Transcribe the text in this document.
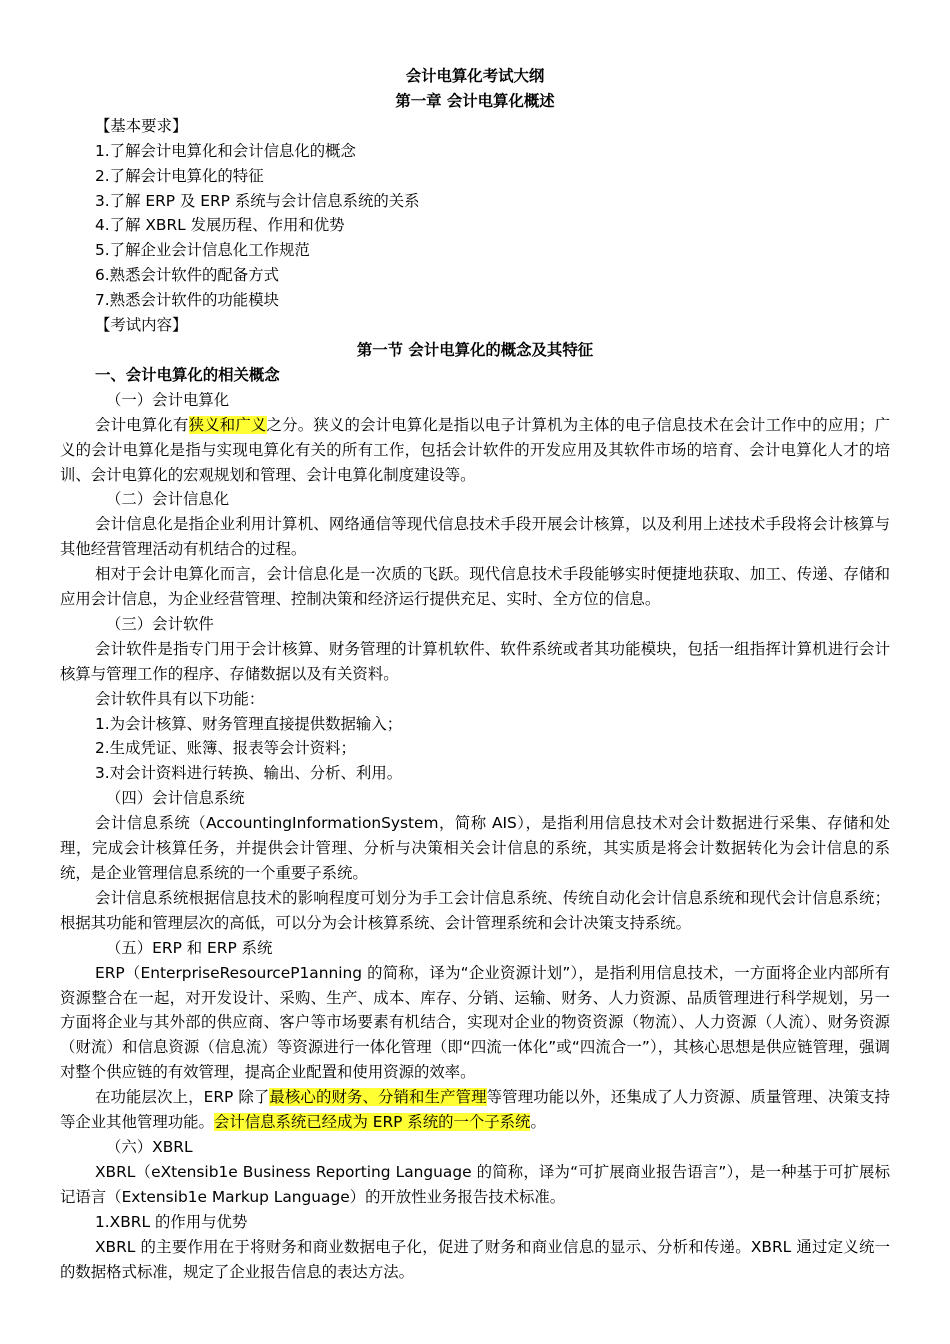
会计电算化考试大纲
第一章 会计电算化概述
【基本要求】
1.了解会计电算化和会计信息化的概念
2.了解会计电算化的特征
3.了解 ERP 及 ERP 系统与会计信息系统的关系
4.了解 XBRL 发展历程、作用和优势
5.了解企业会计信息化工作规范
6.熟悉会计软件的配备方式
7.熟悉会计软件的功能模块
【考试内容】
第一节 会计电算化的概念及其特征
一、会计电算化的相关概念
（一）会计电算化
会计电算化有狭义和广义之分。狭义的会计电算化是指以电子计算机为主体的电子信息技术在会计工作中的应用；广义的会计电算化是指与实现电算化有关的所有工作，包括会计软件的开发应用及其软件市场的培育、会计电算化人才的培训、会计电算化的宏观规划和管理、会计电算化制度建设等。
（二）会计信息化
会计信息化是指企业利用计算机、网络通信等现代信息技术手段开展会计核算，以及利用上述技术手段将会计核算与其他经营管理活动有机结合的过程。
相对于会计电算化而言，会计信息化是一次质的飞跃。现代信息技术手段能够实时便捷地获取、加工、传递、存储和应用会计信息，为企业经营管理、控制决策和经济运行提供充足、实时、全方位的信息。
（三）会计软件
会计软件是指专门用于会计核算、财务管理的计算机软件、软件系统或者其功能模块，包括一组指挥计算机进行会计核算与管理工作的程序、存储数据以及有关资料。
会计软件具有以下功能：
1.为会计核算、财务管理直接提供数据输入；
2.生成凭证、账簿、报表等会计资料；
3.对会计资料进行转换、输出、分析、利用。
（四）会计信息系统
会计信息系统（AccountingInformationSystem，简称 AIS），是指利用信息技术对会计数据进行采集、存储和处理，完成会计核算任务，并提供会计管理、分析与决策相关会计信息的系统，其实质是将会计数据转化为会计信息的系统，是企业管理信息系统的一个重要子系统。
会计信息系统根据信息技术的影响程度可划分为手工会计信息系统、传统自动化会计信息系统和现代会计信息系统；根据其功能和管理层次的高低，可以分为会计核算系统、会计管理系统和会计决策支持系统。
（五）ERP 和 ERP 系统
ERP（EnterpriseResourceP1anning 的简称，译为“企业资源计划”），是指利用信息技术，一方面将企业内部所有资源整合在一起，对开发设计、采购、生产、成本、库存、分销、运输、财务、人力资源、品质管理进行科学规划，另一方面将企业与其外部的供应商、客户等市场要素有机结合，实现对企业的物资资源（物流）、人力资源（人流）、财务资源（财流）和信息资源（信息流）等资源进行一体化管理（即“四流一体化”或“四流合一”），其核心思想是供应链管理，强调对整个供应链的有效管理，提高企业配置和使用资源的效率。
在功能层次上，ERP 除了最核心的财务、分销和生产管理等管理功能以外，还集成了人力资源、质量管理、决策支持等企业其他管理功能。会计信息系统已经成为 ERP 系统的一个子系统。
（六）XBRL
XBRL（eXtensib1e Business Reporting Language 的简称，译为“可扩展商业报告语言”），是一种基于可扩展标记语言（Extensib1e Markup Language）的开放性业务报告技术标准。
1.XBRL 的作用与优势
XBRL 的主要作用在于将财务和商业数据电子化，促进了财务和商业信息的显示、分析和传递。XBRL 通过定义统一的数据格式标准，规定了企业报告信息的表达方法。
